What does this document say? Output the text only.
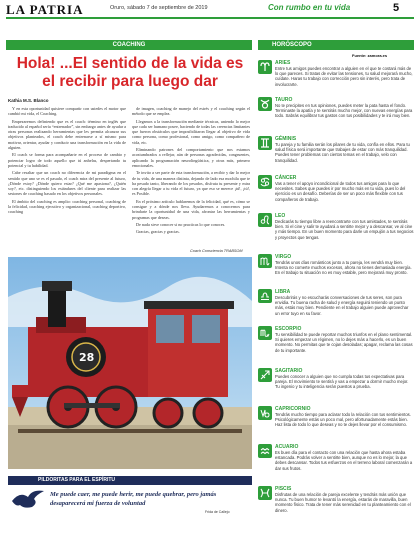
LA PATRIA	Oruro, sábado 7 de septiembre de 2019	Con rumbo en tu vida	5
COACHING	HORÓSCOPO
Hola! ...El sentido de la vida es el recibir para luego dar
Kathia M.S. Blanco

Y en esta oportunidad quisiere compartir con ustedes el motor que cambió mi vida, el Coaching.

Empezaremos definiendo que es el coach: término en inglés que traducido al español sería “entrenador”, sin embargo antes de ayudar a otras personas realizando herramientas que les permita alcanzar sus objetivos planteados, el coach debe entrenarse a sí mismo para motivar, orientar, ayudar y conducir una transformación en la vida de alguien.

El coach se forma para acompañarte en el proceso de cambio y potenciar logro de todo aquello que tú anhelas, despertando tu potencial y tu habilidad.

Cabe resaltar que un coach no diferencia de mi paradigma en el sentido que uno se es el pasado, el coach mira del presente al futuro, ¿Dónde estoy? ¿Dónde quiero estar? ¿Qué me apasiona?, ¿Quién soy?, etc. distinguiendo los estándares del cliente para realizar las sesiones de coaching basado en los objetivos personales.

El ámbito del coaching es amplio: coaching personal, coaching de la felicidad, coaching ejecutivo y organizacional, coaching deportivo, coaching

de imagen, coaching de manejo del estrés y el coaching según el método que se emplea.

Llegamos a la transformación mediante técnicas, uniendo lo mejor que cada ser humano posee, haciendo de todas las creencias limitantes que fueron obstáculos que imposibilitaron llegar al objetivo de vida como persona, como profesional, como amigo, como compañero de vida, etc.

Eliminando patrones del comportamiento que nos estamos acostumbrados a reflejar, aún de personas agradecidas, congruentes, aplicando la programación neurolingüística, y otras más, primero emocionales.

Te invito a ser parte de esta transformación, a recibir y dar lo mejor de tu vida, de una manera distinta, dejando de lado esa mochila que te ha pesado tanto, liberando de los pesados, disfruta tu presente y mira con alegría llegar a tu vida el futuro, ya que eso se merece ¡tú!, ¡tú!, es Posible.

En el próximo artículo hablaremos de la felicidad, qué es, cómo se consigue y a dónde nos lleva. Ayudaremos a conocernos para brindarte la oportunidad de una vida, afrontar las herramientas y programas que deseas.

De nada sirve conocer si no practicas lo que conoces.

Gracias, gracias y gracias.

Coach Consciencia TRABSOM
28
PILDORITAS PARA EL ESPÍRITU
Me puede caer, me puede herir, me puede quebrar, pero jamás desaparecerá mi fuerza de voluntad
Frida de Callejo
Fuente: zamora.es
ARIES
Entre tus amigos puedes encontrar a alguien en el que te costará más de lo que pareces. Si tratas de evitar las tensiones, tu salud mejorará mucho, cuídate. Haras tu trabajo con corrección pero sin interés, pero trata de involucrarte.
TAURO
No te precipites en tus opiniones, puedes meter la pata hasta el fondo. Terminaste la apatía y te sentirás mucho mejor, con nuevas energías para todo. Sabrás equilibrar tus gastos con tus posibilidades y te irá muy bien.
GÉMINIS
Tu pareja y tu familia serán los pilares de tu vida, confía en ellos. Para tu salud física será importante que trabajes de estar con más tranquilidad. Puedes tener problemas con ciertos temas en el trabajo, velo con tranquilidad.
CÁNCER
Vas a tener el apoyo incondicional de todos tus amigos para lo que necesites. Sabes que puedes ir por mucho más en tu vida, pues lo del ejercicio es un desafío. Deberías de ser un poco más flexible con tus compañeros de trabajo.
LEO
Dedicarás tu tiempo libre a reencontrarte con tus amistades, te sentirás bien. Si el cine y salir te ayudará a sentirte mejor y a descansar, ve al cine y más tiempo. En un buen momento para darle un empujón a tus negocios y proyectos que tengas.
VIRGO
Tendrás unos días románticos junto a tu pareja, les vendrá muy bien. Intenta no comerte muchos excesos, ahora no tienes demasiada energía. En el trabajo tu situación no es muy estable, pero mejorará muy pronto.
LIBRA
Descubrirás y no escucharás conversaciones de tus seres, son pura envidia. Tu buena racha de salud y energía seguirá teniendo un punto más, estás muy bien. Pendiente en el trabajo alguien puede aprovechar un error tuyo en su favor.
ESCORPIO
Tu sensibilidad te puede reportar muchos triunfos en el plano sentimental. Si quieres empezar un régimen, no lo dejes más a hacerlo, es un buen momento. No permitas que te cojan desoladas; apagar, reclama las cosas de tu importante.
SAGITARIO
Puedes conocer a alguien que no cumpla todas tus expectativas para pareja. El movimiento te sentirá y vas a empezar a dormir mucho mejor. Tu ingenio y tu inteligencia serán puestos a prueba.
CAPRICORNIO
Tendrás mucho tiempo para aclarar todo la relación con tus sentimientos. Psicológicamente estás un poco mal, pero afortunadamente estás bien. Haz lista de todo lo que deseas y no te dejes llevar por el consumismo.
ACUARIO
Es buen día para el contacto con una relación que hasta ahora estaba estancada. Podrás volver a sentirte bien, aunque no es lo mejor, la que debes descansar. Todos tus esfuerzos en el terreno laboral comenzarán a dar sus frutos.
PISCIS
Disfrutas de una relación de pareja excelente y tendrás más unión que nunca. Tu buen humor te levantó la energía, estarás de maravilla, buen momento físico. Trata de tener más serenidad en tu planteamiento con el dinero.
